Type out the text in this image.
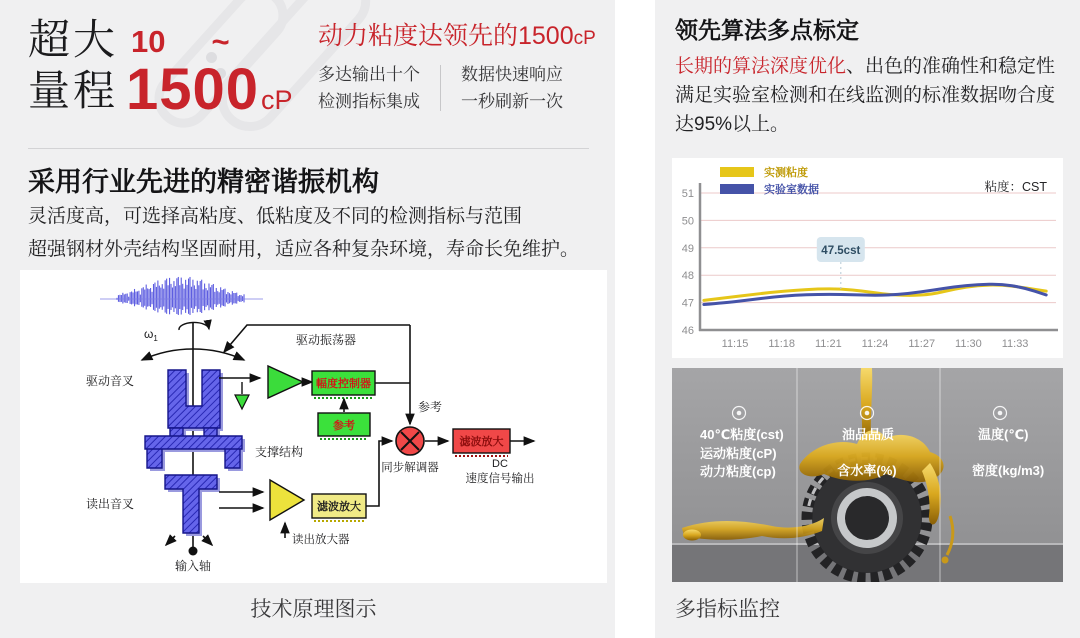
超大
量程
10 ~
1500 cP
动力粘度达领先的1500cP
多达输出十个
检测指标集成
数据快速响应
一秒刷新一次
采用行业先进的精密谐振机构
灵活度高，可选择高粘度、低粘度及不同的检测指标与范围
超强钢材外壳结构坚固耐用，适应各种复杂环境，寿命长免维护。
$\omega_1$
驱动音叉
支撑结构
读出音叉
输入轴
驱动振荡器
幅度控制器
参考
参考
同步解调器
滤波放大
DC
速度信号输出
滤波放大
读出放大器
技术原理图示
领先算法多点标定
长期的算法深度优化、出色的准确性和稳定性满足实验室检测和在线监测的标准数据吻合度达95%以上。
实测粘度
实验室数据	粘度：CST
51
50
49
48
47
46
11:15 11:18 11:21 11:24 11:27 11:30 11:33
47.5cst
40℃粘度(cst)
运动粘度(cP)
动力粘度(cp)
油品品质
含水率(%)
温度(℃)
密度(kg/m3)
多指标监控
